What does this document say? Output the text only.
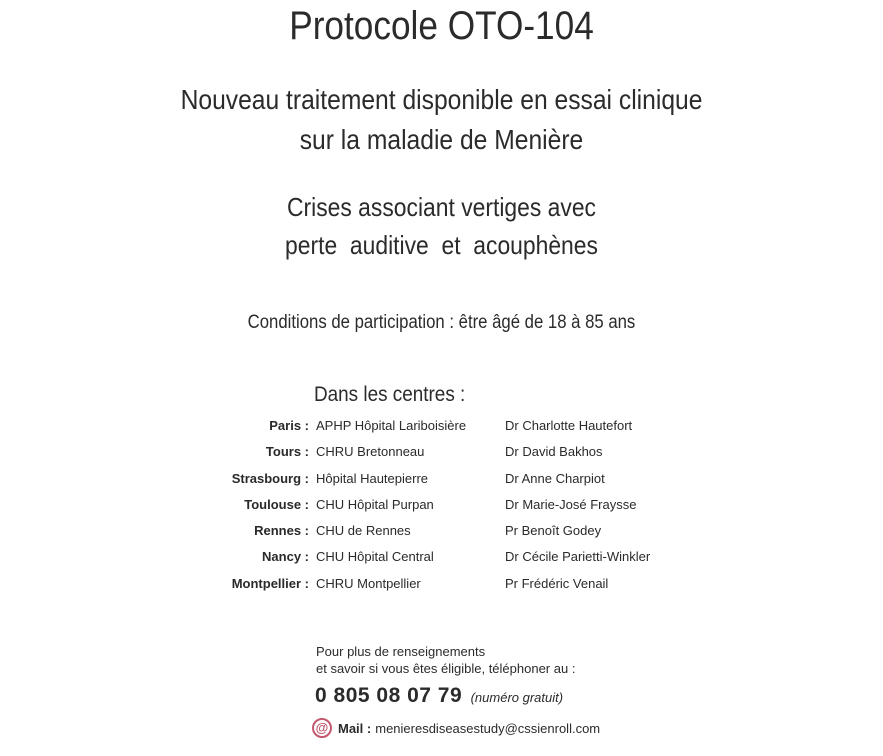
Protocole OTO-104
Nouveau traitement disponible en essai clinique
sur la maladie de Menière
Crises associant vertiges avec
perte  auditive  et  acouphènes
Conditions de participation : être âgé de 18 à 85 ans
Dans les centres :
Paris : APHP Hôpital Lariboisière	Dr Charlotte Hautefort
Tours : CHRU Bretonneau	Dr David Bakhos
Strasbourg : Hôpital Hautepierre	Dr Anne Charpiot
Toulouse : CHU Hôpital Purpan	Dr Marie-José Fraysse
Rennes : CHU de Rennes	Pr Benoît Godey
Nancy : CHU Hôpital Central	Dr Cécile Parietti-Winkler
Montpellier : CHRU Montpellier	Pr Frédéric Venail
Pour plus de renseignements
et savoir si vous êtes éligible, téléphoner au :
0 805 08 07 79 (numéro gratuit)
@ Mail : menieresdiseasestudy@cssienroll.com
